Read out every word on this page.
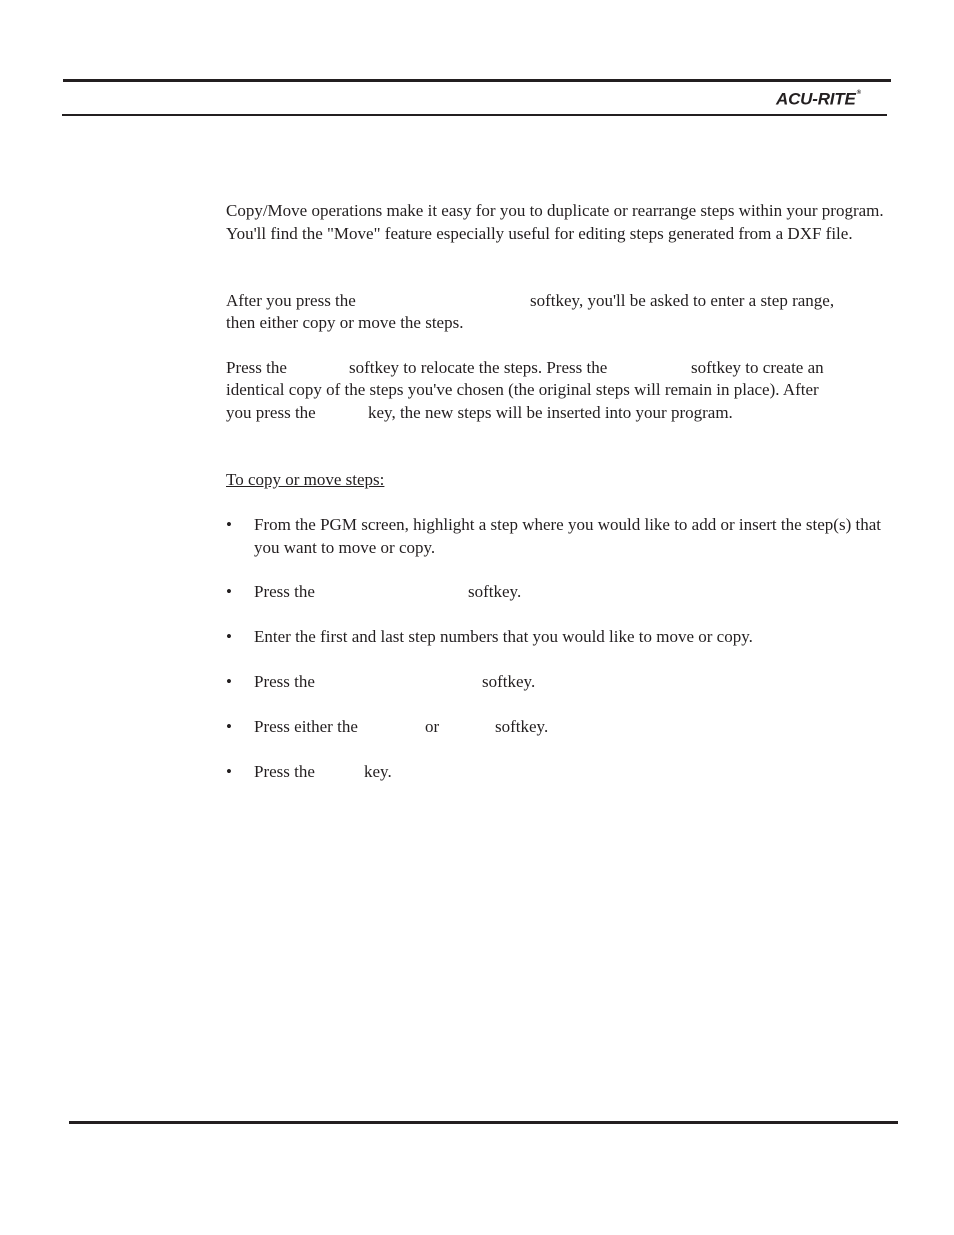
ACU-RITE®
Copy/Move operations make it easy for you to duplicate or rearrange steps within your program. You'll find the "Move" feature especially useful for editing steps generated from a DXF file.
After you press the	softkey, you'll be asked to enter a step range,
then either copy or move the steps.
Press the	softkey to relocate the steps. Press the	softkey to create an
identical copy of the steps you've chosen (the original steps will remain in place). After
you press the	key, the new steps will be inserted into your program.
To copy or move steps:
• From the PGM screen, highlight a step where you would like to add or insert the step(s) that you want to move or copy.
• Press the	softkey.
• Enter the first and last step numbers that you would like to move or copy.
• Press the	softkey.
• Press either the	or	softkey.
• Press the	key.
